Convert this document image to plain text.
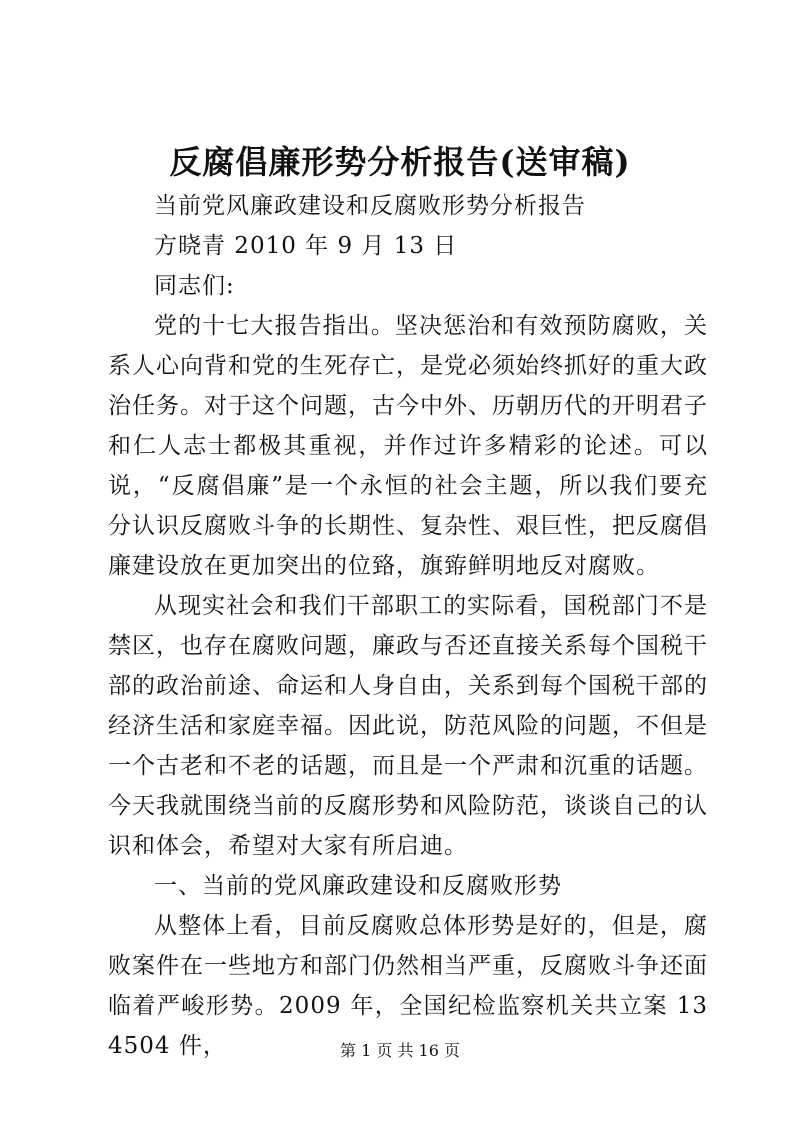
反腐倡廉形势分析报告(送审稿)

当前党风廉政建设和反腐败形势分析报告

方晓青 2010 年 9 月 13 日

同志们:

党的十七大报告指出。坚决惩治和有效预防腐败，关系人心向背和党的生死存亡，是党必须始终抓好的重大政治任务。对于这个问题，古今中外、历朝历代的开明君子和仁人志士都极其重视，并作过许多精彩的论述。可以说，“反腐倡廉”是一个永恒的社会主题，所以我们要充分认识反腐败斗争的长期性、复杂性、艰巨性，把反腐倡廉建设放在更加突出的位臵，旗臶鲜明地反对腐败。

从现实社会和我们干部职工的实际看，国税部门不是禁区，也存在腐败问题，廉政与否还直接关系每个国税干部的政治前途、命运和人身自由，关系到每个国税干部的经济生活和家庭幸福。因此说，防范风险的问题，不但是一个古老和不老的话题，而且是一个严肃和沉重的话题。今天我就围绕当前的反腐形势和风险防范，谈谈自己的认识和体会，希望对大家有所启迪。

一、当前的党风廉政建设和反腐败形势

从整体上看，目前反腐败总体形势是好的，但是，腐败案件在一些地方和部门仍然相当严重，反腐败斗争还面临着严峻形势。2009 年，全国纪检监察机关共立案 134504 件，	第 1 页 共 16 页
